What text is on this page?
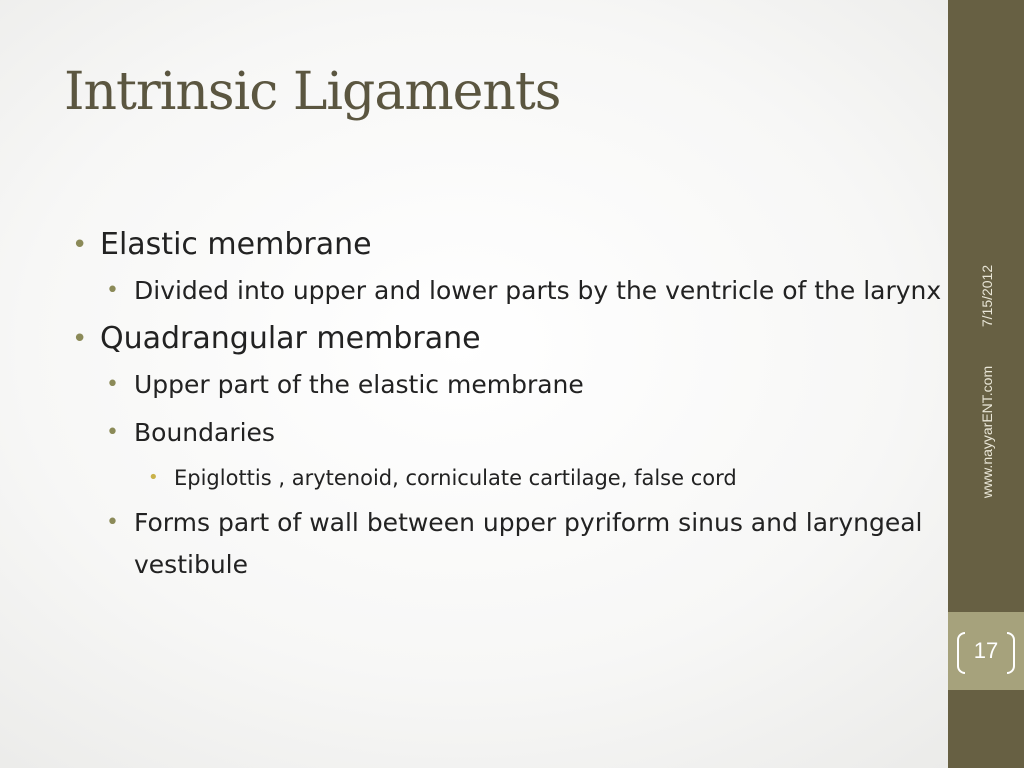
Intrinsic Ligaments
• Elastic membrane
• Divided into upper and lower parts by the ventricle of the larynx
• Quadrangular membrane
• Upper part of the elastic membrane
• Boundaries
• Epiglottis , arytenoid, corniculate cartilage, false cord
• Forms part of wall between upper pyriform sinus and laryngeal vestibule
7/15/2012
www.nayyarENT.com
17
